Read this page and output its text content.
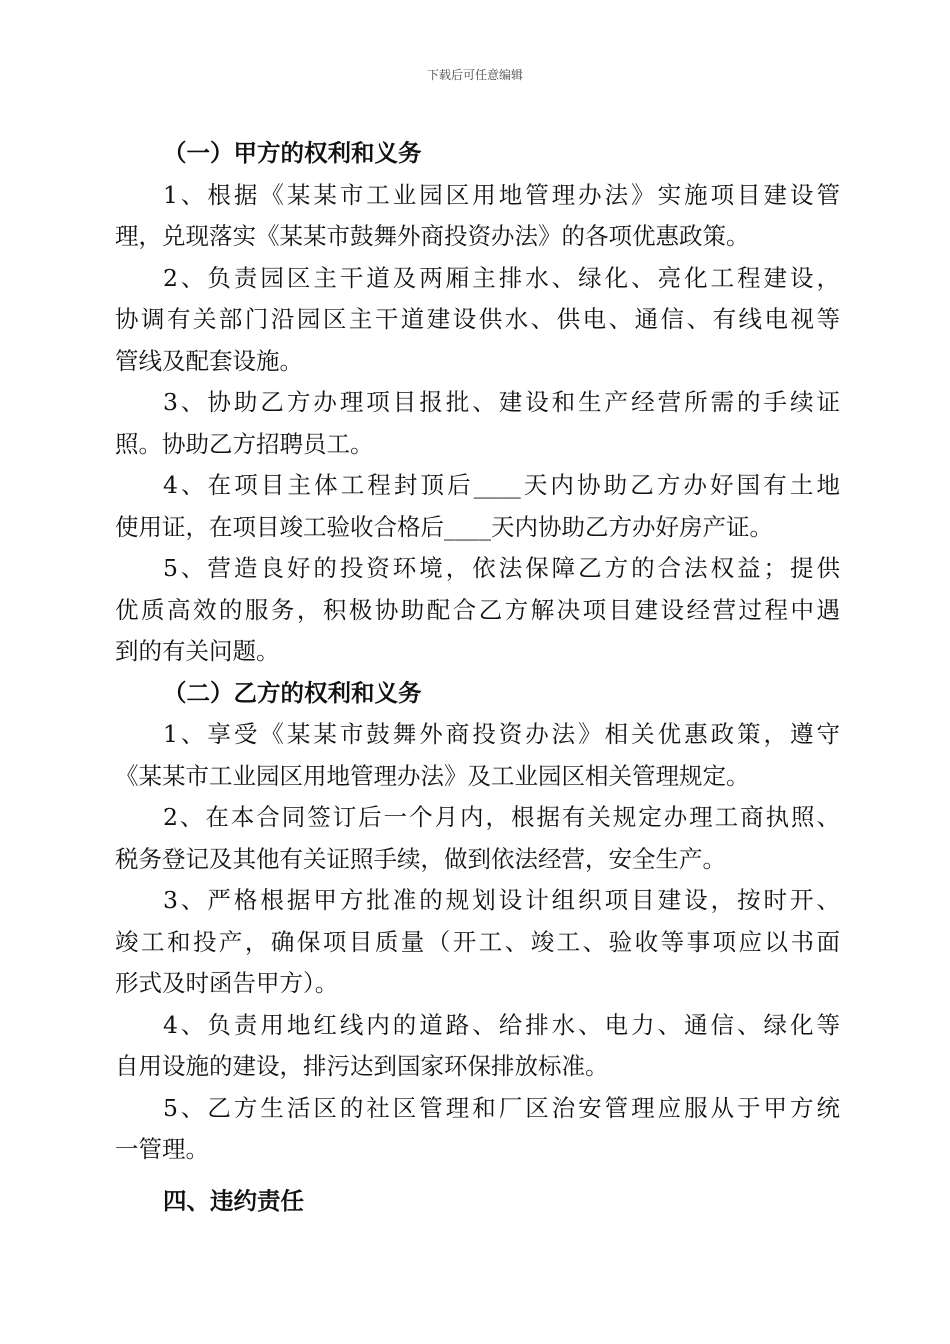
下载后可任意编辑
（一）甲方的权利和义务
1、根据《某某市工业园区用地管理办法》实施项目建设管
理，兑现落实《某某市鼓舞外商投资办法》的各项优惠政策。
2、负责园区主干道及两厢主排水、绿化、亮化工程建设，
协调有关部门沿园区主干道建设供水、供电、通信、有线电视等
管线及配套设施。
3、协助乙方办理项目报批、建设和生产经营所需的手续证
照。协助乙方招聘员工。
4、在项目主体工程封顶后____天内协助乙方办好国有土地
使用证，在项目竣工验收合格后____天内协助乙方办好房产证。
5、营造良好的投资环境，依法保障乙方的合法权益；提供
优质高效的服务，积极协助配合乙方解决项目建设经营过程中遇
到的有关问题。
（二）乙方的权利和义务
1、享受《某某市鼓舞外商投资办法》相关优惠政策，遵守
《某某市工业园区用地管理办法》及工业园区相关管理规定。
2、在本合同签订后一个月内，根据有关规定办理工商执照、
税务登记及其他有关证照手续，做到依法经营，安全生产。
3、严格根据甲方批准的规划设计组织项目建设，按时开、
竣工和投产，确保项目质量（开工、竣工、验收等事项应以书面
形式及时函告甲方）。
4、负责用地红线内的道路、给排水、电力、通信、绿化等
自用设施的建设，排污达到国家环保排放标准。
5、乙方生活区的社区管理和厂区治安管理应服从于甲方统
一管理。
四、违约责任
